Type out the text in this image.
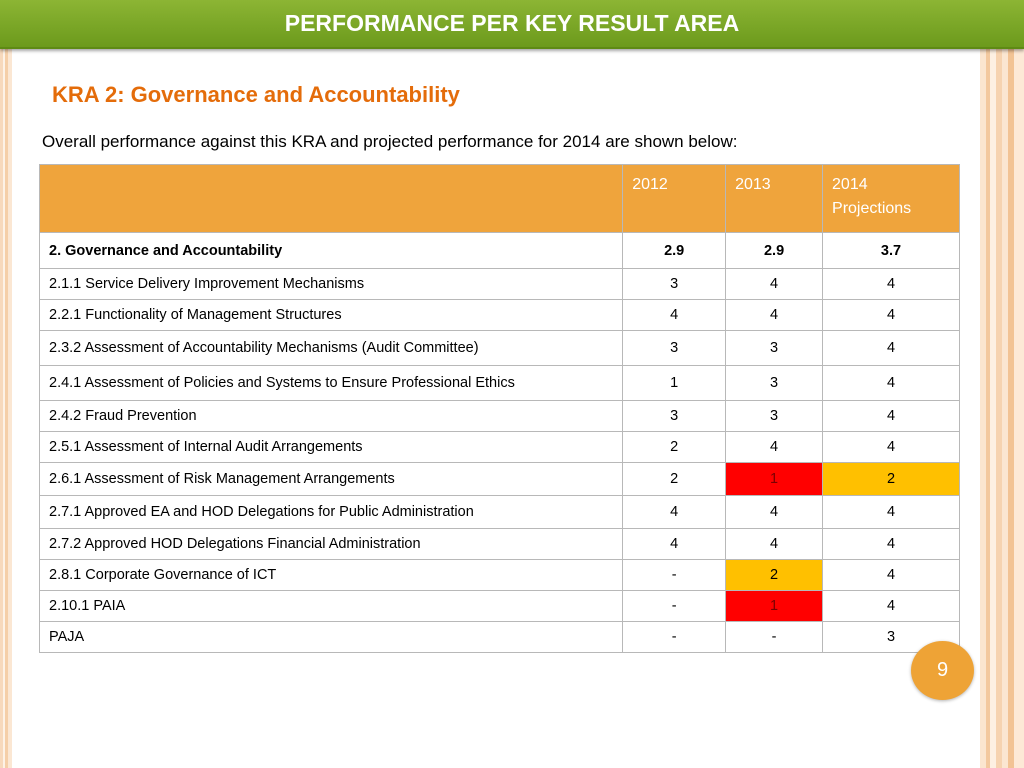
PERFORMANCE PER KEY RESULT AREA
KRA 2: Governance and Accountability
Overall performance against this KRA and projected performance for 2014 are shown below:
	2012	2013	2014 Projections
2. Governance and Accountability	2.9	2.9	3.7
2.1.1 Service Delivery Improvement Mechanisms	3	4	4
2.2.1 Functionality of Management Structures	4	4	4
2.3.2 Assessment of Accountability Mechanisms (Audit Committee)	3	3	4
2.4.1 Assessment of Policies and Systems to Ensure Professional Ethics	1	3	4
2.4.2 Fraud Prevention	3	3	4
2.5.1 Assessment of Internal Audit Arrangements	2	4	4
2.6.1 Assessment of Risk Management Arrangements	2	1	2
2.7.1 Approved EA and HOD Delegations for Public Administration	4	4	4
2.7.2 Approved HOD Delegations Financial Administration	4	4	4
2.8.1 Corporate Governance of ICT	-	2	4
2.10.1 PAIA	-	1	4
PAJA	-	-	3
9
